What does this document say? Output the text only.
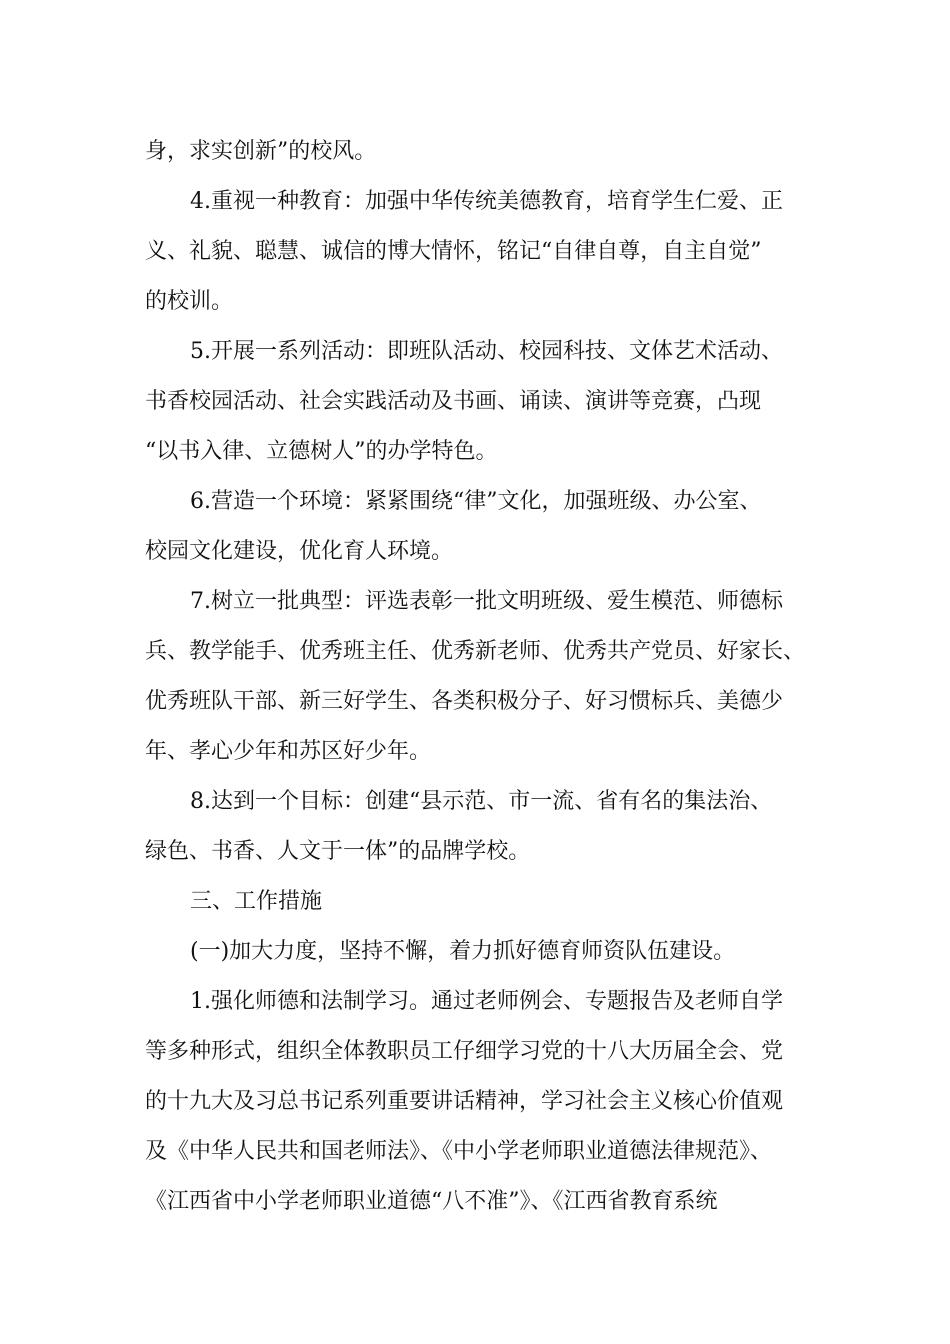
身，求实创新”的校风。
4.重视一种教育：加强中华传统美德教育，培育学生仁爱、正
义、礼貌、聪慧、诚信的博大情怀，铭记“自律自尊，自主自觉”
的校训。
5.开展一系列活动：即班队活动、校园科技、文体艺术活动、
书香校园活动、社会实践活动及书画、诵读、演讲等竞赛，凸现
“以书入律、立德树人”的办学特色。
6.营造一个环境：紧紧围绕“律”文化，加强班级、办公室、
校园文化建设，优化育人环境。
7.树立一批典型：评选表彰一批文明班级、爱生模范、师德标
兵、教学能手、优秀班主任、优秀新老师、优秀共产党员、好家长、
优秀班队干部、新三好学生、各类积极分子、好习惯标兵、美德少
年、孝心少年和苏区好少年。
8.达到一个目标：创建“县示范、市一流、省有名的集法治、
绿色、书香、人文于一体”的品牌学校。
三、工作措施
(一)加大力度，坚持不懈，着力抓好德育师资队伍建设。
1.强化师德和法制学习。通过老师例会、专题报告及老师自学
等多种形式，组织全体教职员工仔细学习党的十八大历届全会、党
的十九大及习总书记系列重要讲话精神，学习社会主义核心价值观
及《中华人民共和国老师法》、《中小学老师职业道德法律规范》、
《江西省中小学老师职业道德“八不准”》、《江西省教育系统
